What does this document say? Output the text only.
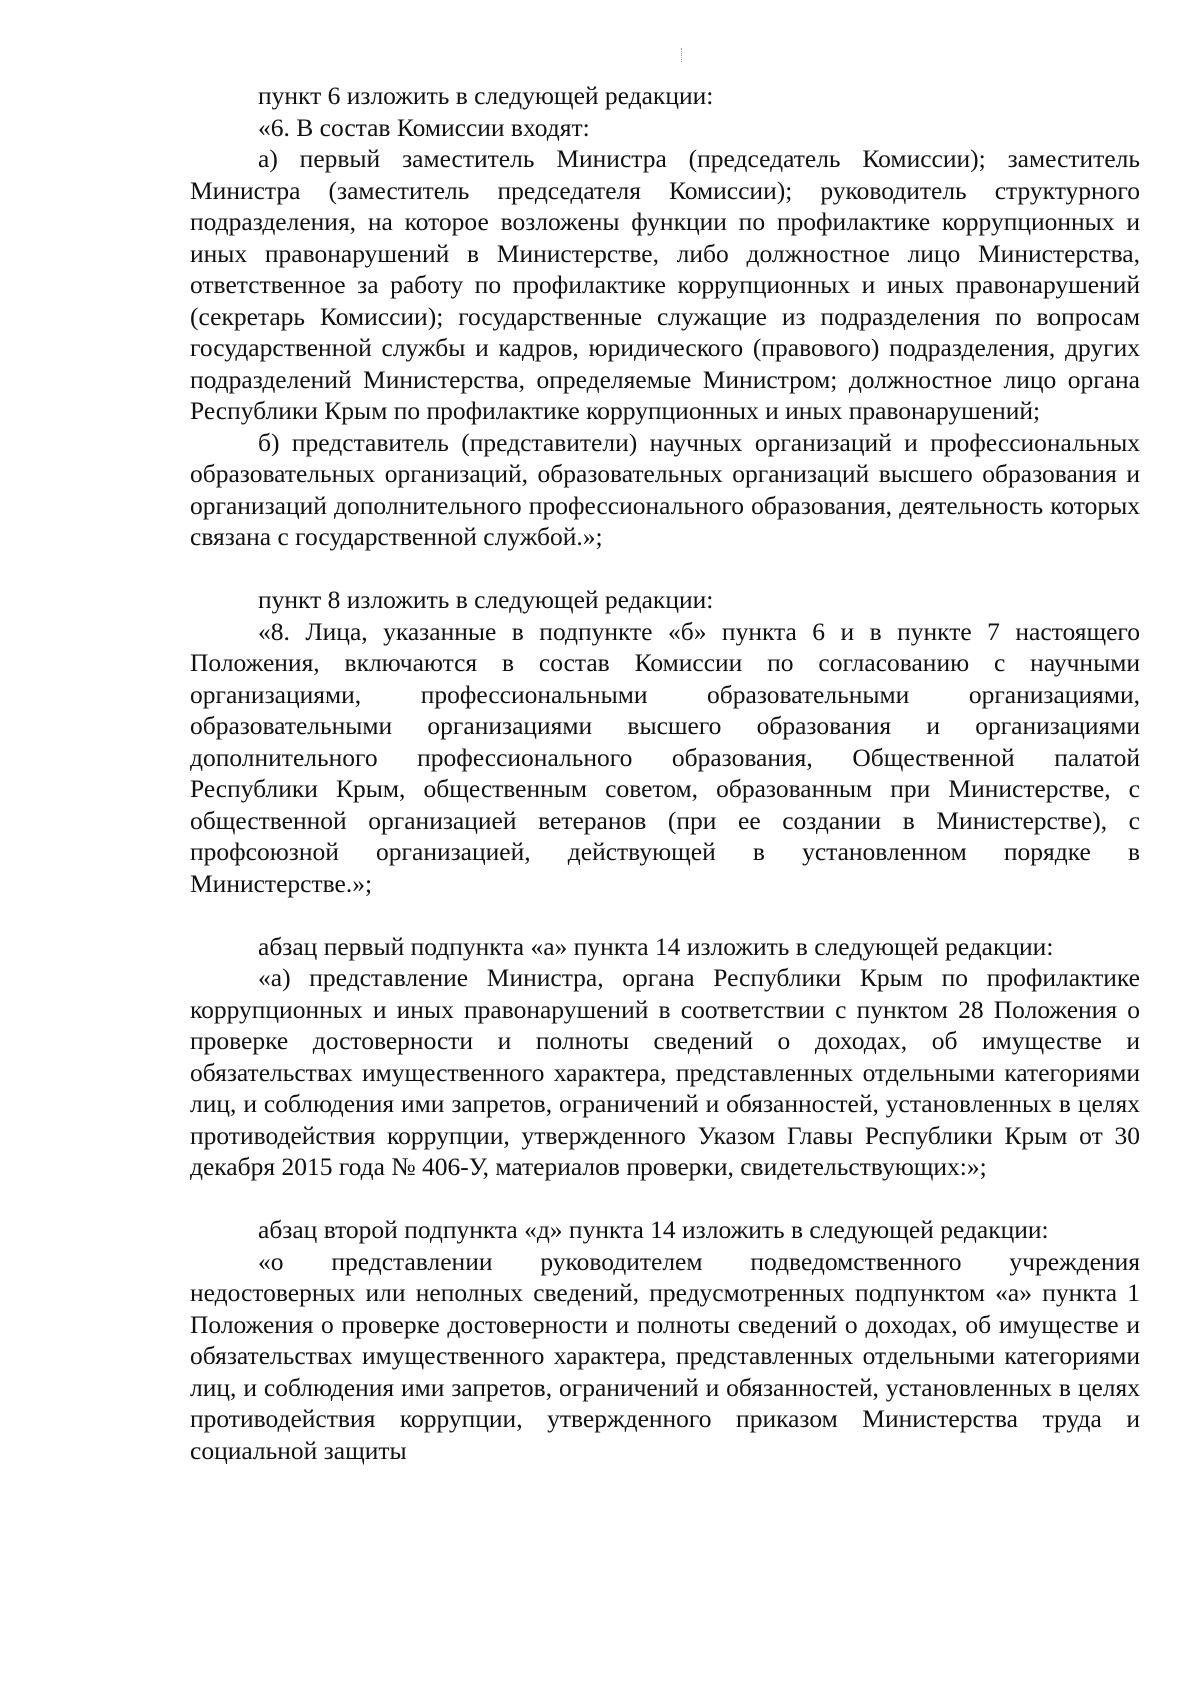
пункт 6 изложить в следующей редакции:

«6. В состав Комиссии входят:

а) первый заместитель Министра (председатель Комиссии); заместитель Министра (заместитель председателя Комиссии); руководитель структурного подразделения, на которое возложены функции по профилактике коррупционных и иных правонарушений в Министерстве, либо должностное лицо Министерства, ответственное за работу по профилактике коррупционных и иных правонарушений (секретарь Комиссии); государственные служащие из подразделения по вопросам государственной службы и кадров, юридического (правового) подразделения, других подразделений Министерства, определяемые Министром; должностное лицо органа Республики Крым по профилактике коррупционных и иных правонарушений;

б) представитель (представители) научных организаций и профессиональных образовательных организаций, образовательных организаций высшего образования и организаций дополнительного профессионального образования, деятельность которых связана с государственной службой.»;

пункт 8 изложить в следующей редакции:

«8. Лица, указанные в подпункте «б» пункта 6 и в пункте 7 настоящего Положения, включаются в состав Комиссии по согласованию с научными организациями, профессиональными образовательными организациями, образовательными организациями высшего образования и организациями дополнительного профессионального образования, Общественной палатой Республики Крым, общественным советом, образованным при Министерстве, с общественной организацией ветеранов (при ее создании в Министерстве), с профсоюзной организацией, действующей в установленном порядке в Министерстве.»;

абзац первый подпункта «а» пункта 14 изложить в следующей редакции:

«а) представление Министра, органа Республики Крым по профилактике коррупционных и иных правонарушений в соответствии с пунктом 28 Положения о проверке достоверности и полноты сведений о доходах, об имуществе и обязательствах имущественного характера, представленных отдельными категориями лиц, и соблюдения ими запретов, ограничений и обязанностей, установленных в целях противодействия коррупции, утвержденного Указом Главы Республики Крым от 30 декабря 2015 года № 406-У, материалов проверки, свидетельствующих:»;

абзац второй подпункта «д» пункта 14 изложить в следующей редакции:

«о представлении руководителем подведомственного учреждения недостоверных или неполных сведений, предусмотренных подпунктом «а» пункта 1 Положения о проверке достоверности и полноты сведений о доходах, об имуществе и обязательствах имущественного характера, представленных отдельными категориями лиц, и соблюдения ими запретов, ограничений и обязанностей, установленных в целях противодействия коррупции, утвержденного приказом Министерства труда и социальной защиты
